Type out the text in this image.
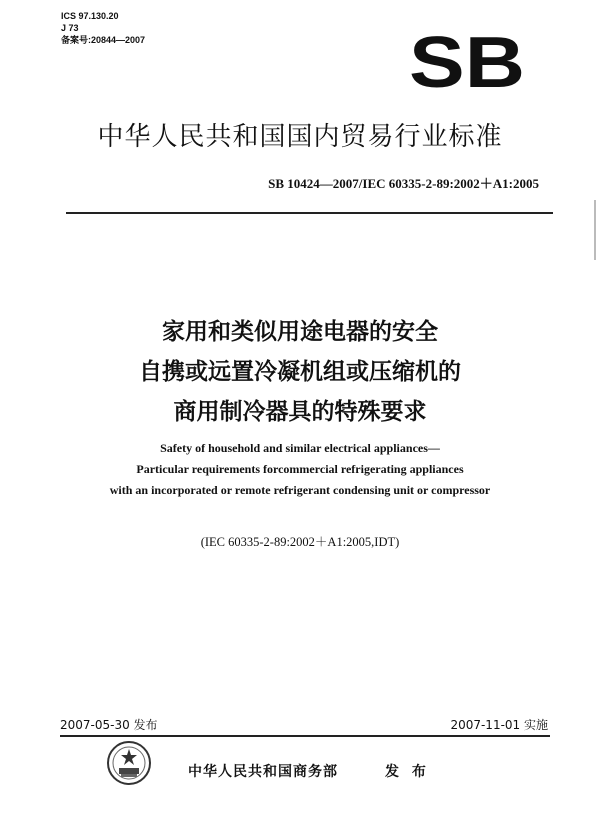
ICS 97.130.20
J 73
备案号:20844—2007	SB
中华人民共和国国内贸易行业标准
SB 10424—2007/IEC 60335-2-89:2002＋A1:2005
家用和类似用途电器的安全
自携或远置冷凝机组或压缩机的
商用制冷器具的特殊要求
Safety of household and similar electrical appliances—
Particular requirements forcommercial refrigerating appliances
with an incorporated or remote refrigerant condensing unit or compressor
(IEC 60335-2-89:2002＋A1:2005,IDT)
2007-05-30 发布	2007-11-01 实施
中华人民共和国商务部	发 布
